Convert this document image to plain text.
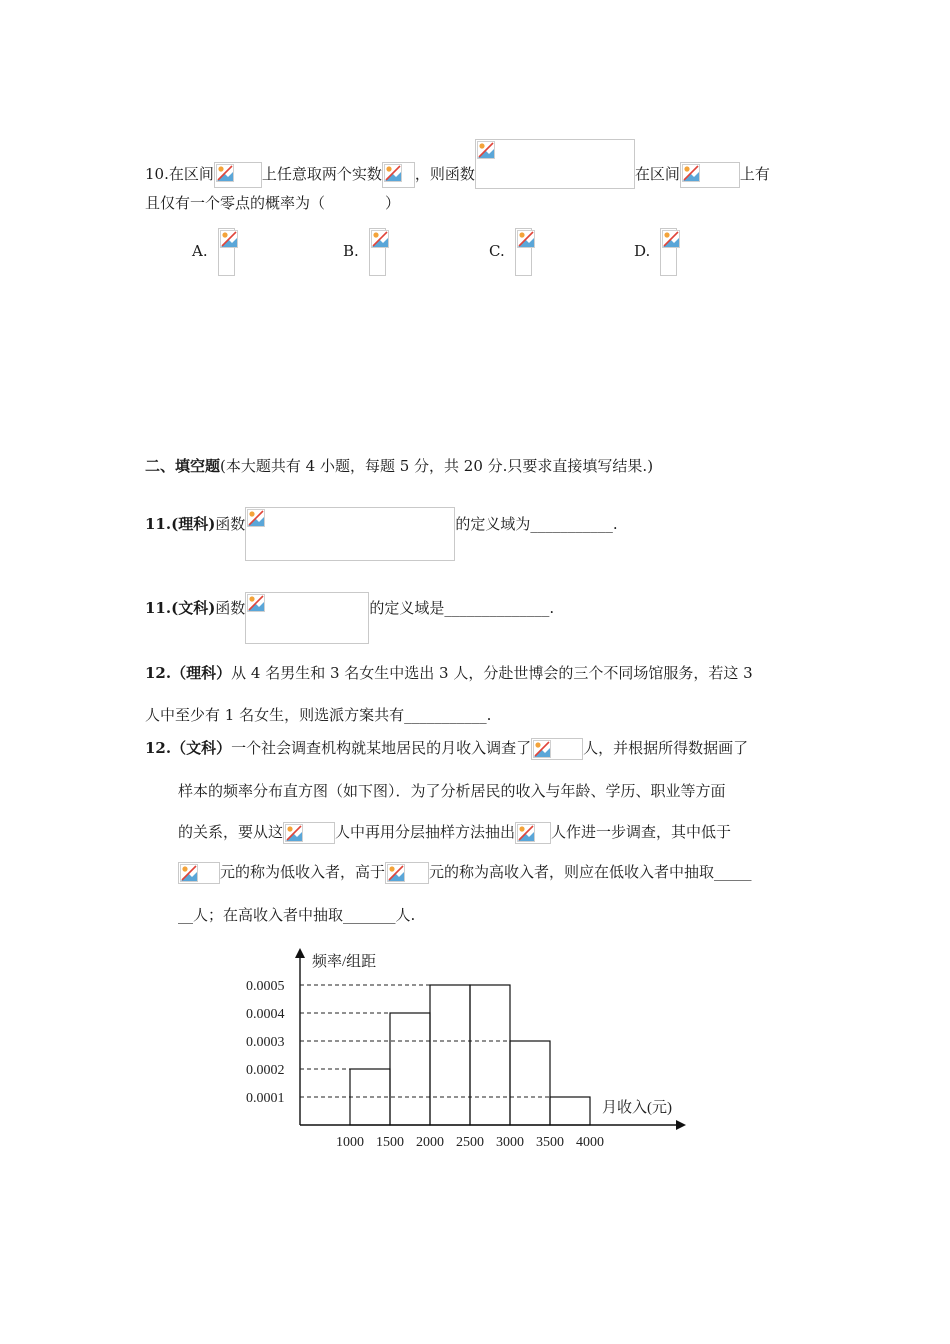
10.在区间	上任意取两个实数 ，则函数	在区间	上有
且仅有一个零点的概率为（　　　　）
A.	B.	C.	D.
二、填空题(本大题共有 4 小题，每题 5 分，共 20 分.只要求直接填写结果.)
11.(理科)函数	的定义域为___________.
11.(文科)函数	的定义域是______________.
12.（理科）从 4 名男生和 3 名女生中选出 3 人，分赴世博会的三个不同场馆服务，若这 3
人中至少有 1 名女生，则选派方案共有___________.
12.（文科）一个社会调查机构就某地居民的月收入调查了	人，并根据所得数据画了
样本的频率分布直方图（如下图）．为了分析居民的收入与年龄、学历、职业等方面
的关系，要从这	人中再用分层抽样方法抽出 人作进一步调查，其中低于
元的称为低收入者，高于	元的称为高收入者，则应在低收入者中抽取_____
__人；在高收入者中抽取_______人.
频率/组距
月收入(元)
0.0001
0.0002
0.0003
0.0004
0.0005
1000 1500 2000 2500 3000 3500 4000
